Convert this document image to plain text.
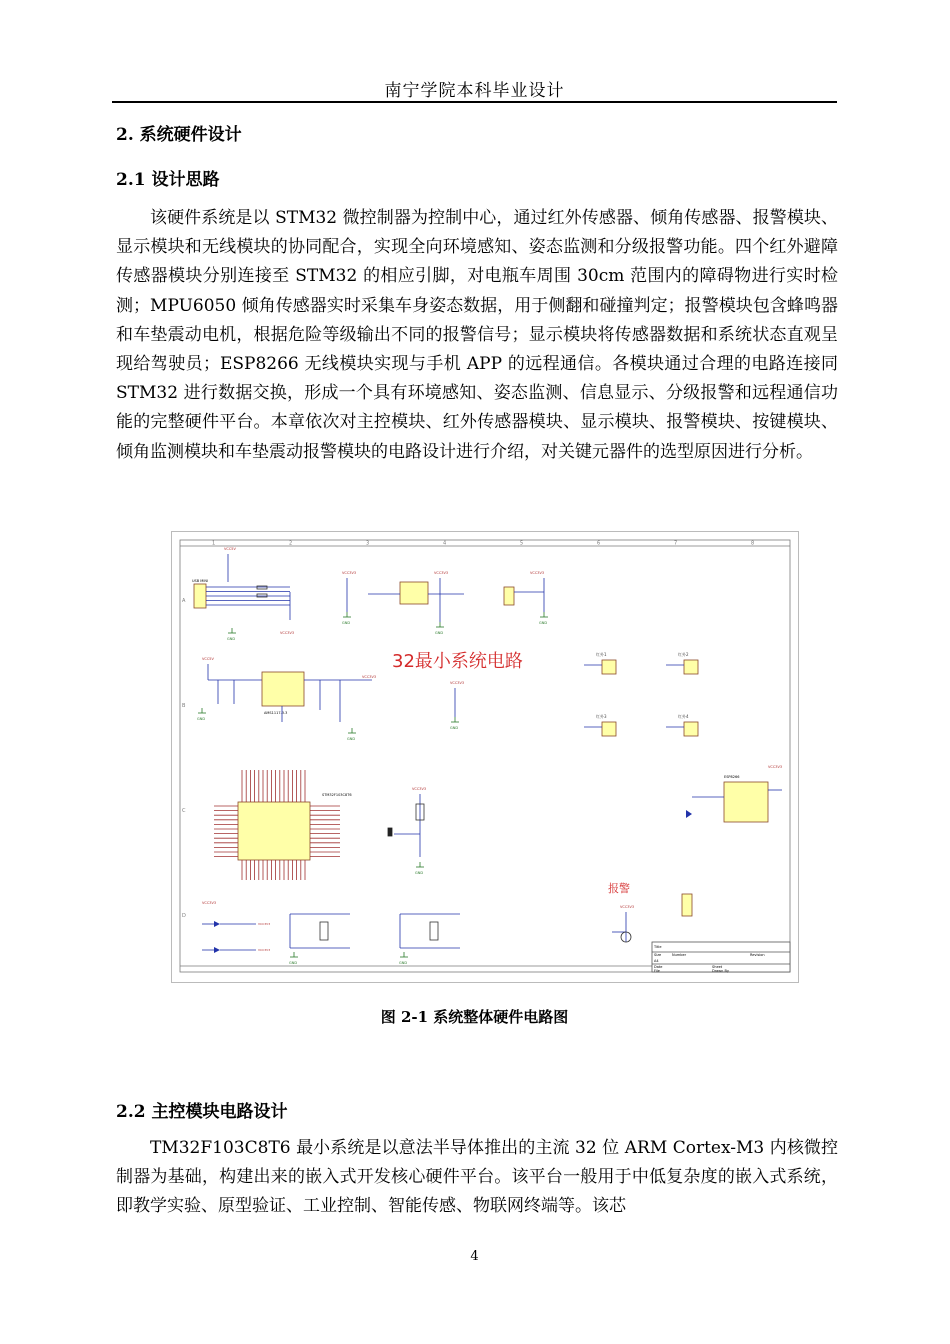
南宁学院本科毕业设计
2. 系统硬件设计
2.1 设计思路

该硬件系统是以 STM32 微控制器为控制中心，通过红外传感器、倾角传感器、报警模块、显示模块和无线模块的协同配合，实现全向环境感知、姿态监测和分级报警功能。四个红外避障传感器模块分别连接至 STM32 的相应引脚，对电瓶车周围 30cm 范围内的障碍物进行实时检测；MPU6050 倾角传感器实时采集车身姿态数据，用于侧翻和碰撞判定；报警模块包含蜂鸣器和车垫震动电机，根据危险等级输出不同的报警信号；显示模块将传感器数据和系统状态直观呈现给驾驶员；ESP8266 无线模块实现与手机 APP 的远程通信。各模块通过合理的电路连接同 STM32 进行数据交换，形成一个具有环境感知、姿态监测、信息显示、分级报警和远程通信功能的完整硬件平台。本章依次对主控模块、红外传感器模块、显示模块、报警模块、按键模块、倾角监测模块和车垫震动报警模块的电路设计进行介绍，对关键元器件的选型原因进行分析。

1	2	3	4	5	6	7	8
A
B
C
D
32最小系统电路
报警
VCC5V
USB MINI
GND
VCC3V3
VCC3V3
GND
VCC3V3
GND
VCC3V3
GND
VCC5V
AMS1117-3.3
VCC3V3
GND
GND
VCC3V3
GND
红外1	红外2
红外3	红外4
STM32F103C8T6
VCC3V3
GND
ESP8266
VCC3V3
VCC3V3
VCC3V3
VCC3V3
GND	GND
VCC3V3
Title
Size	Number	Revision
A4
Date	Sheet
File	Drawn By
图 2-1 系统整体硬件电路图
2.2 主控模块电路设计

TM32F103C8T6 最小系统是以意法半导体推出的主流 32 位 ARM Cortex-M3 内核微控制器为基础，构建出来的嵌入式开发核心硬件平台。该平台一般用于中低复杂度的嵌入式系统，即教学实验、原型验证、工业控制、智能传感、物联网终端等。该芯

4
